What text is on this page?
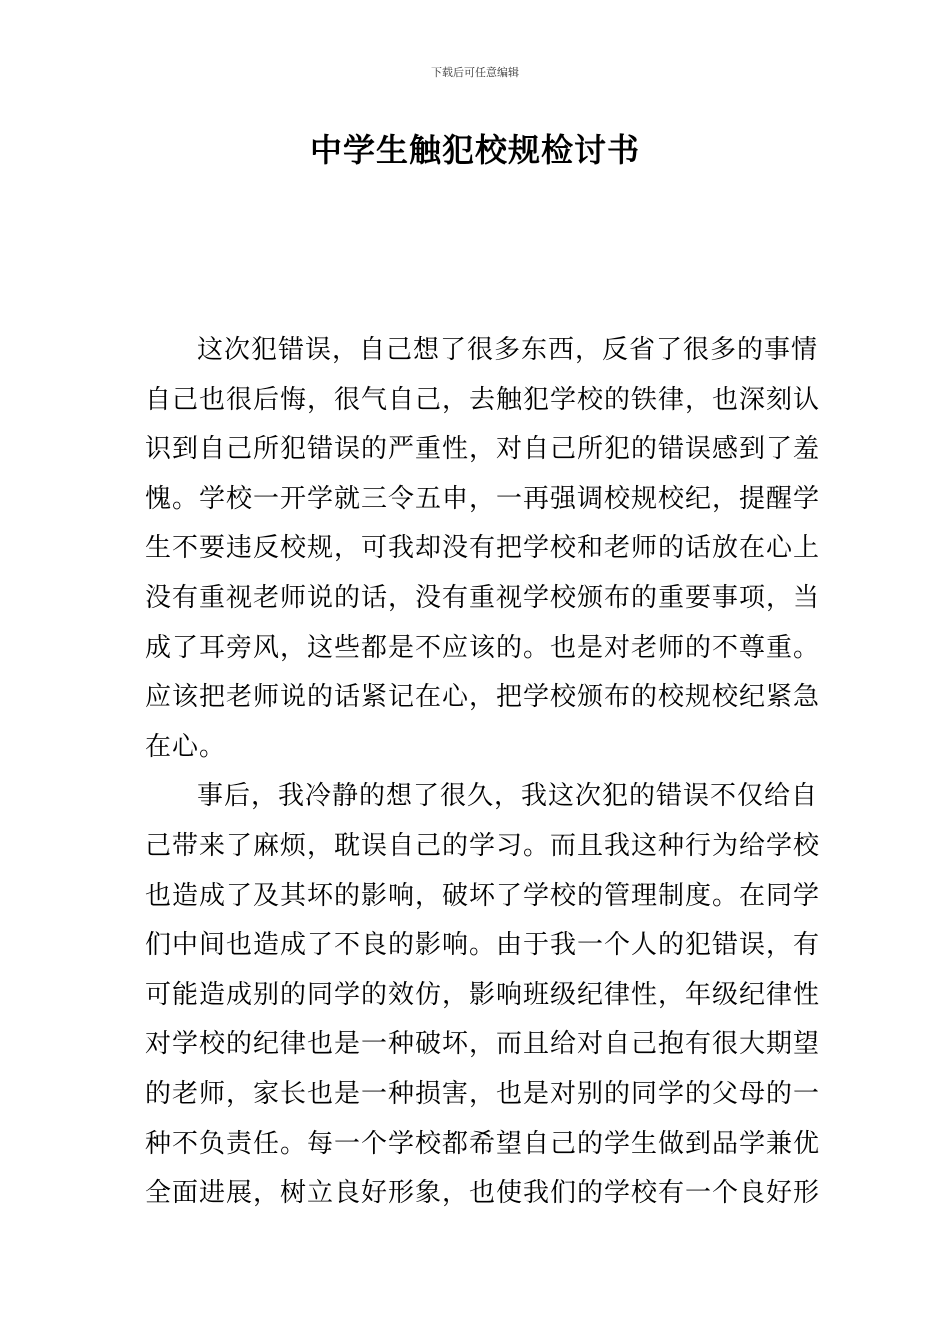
下载后可任意编辑
中学生触犯校规检讨书
这次犯错误，自己想了很多东西，反省了很多的事情
自己也很后悔，很气自己，去触犯学校的铁律，也深刻认
识到自己所犯错误的严重性，对自己所犯的错误感到了羞
愧。学校一开学就三令五申，一再强调校规校纪，提醒学
生不要违反校规，可我却没有把学校和老师的话放在心上
没有重视老师说的话，没有重视学校颁布的重要事项，当
成了耳旁风，这些都是不应该的。也是对老师的不尊重。
应该把老师说的话紧记在心，把学校颁布的校规校纪紧急
在心。
事后，我冷静的想了很久，我这次犯的错误不仅给自
己带来了麻烦，耽误自己的学习。而且我这种行为给学校
也造成了及其坏的影响，破坏了学校的管理制度。在同学
们中间也造成了不良的影响。由于我一个人的犯错误，有
可能造成别的同学的效仿，影响班级纪律性，年级纪律性
对学校的纪律也是一种破坏，而且给对自己抱有很大期望
的老师，家长也是一种损害，也是对别的同学的父母的一
种不负责任。每一个学校都希望自己的学生做到品学兼优
全面进展，树立良好形象，也使我们的学校有一个良好形
